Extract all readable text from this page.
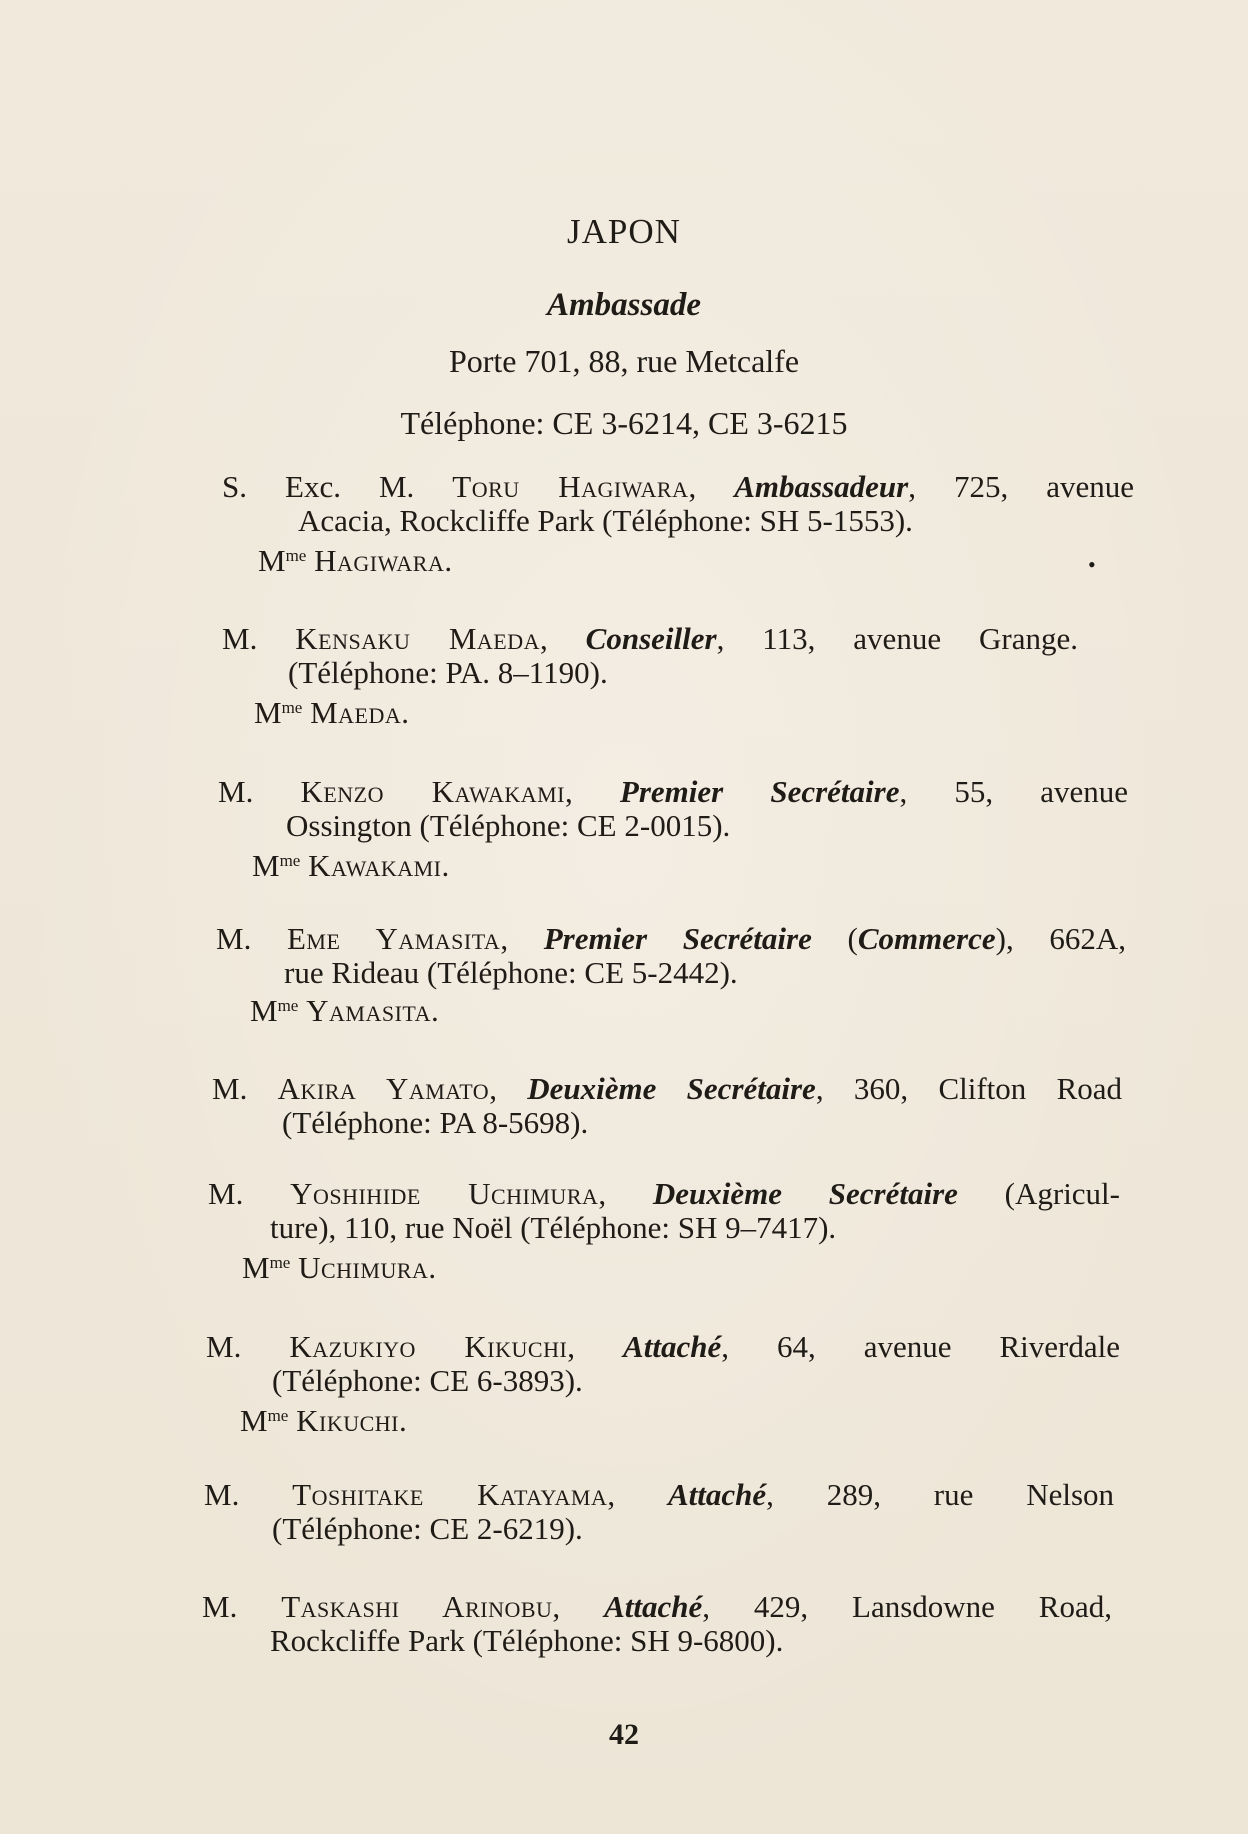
JAPON
Ambassade
Porte 701, 88, rue Metcalfe
Téléphone: CE 3-6214, CE 3-6215
S. Exc. M. Toru Hagiwara, Ambassadeur, 725, avenue
Acacia, Rockcliffe Park (Téléphone: SH 5-1553).
$M^{me}$ Hagiwara.	•
M. Kensaku Maeda, Conseiller, 113, avenue Grange.
(Téléphone: PA. 8–1190).
$M^{me}$ Maeda.
M. Kenzo Kawakami, Premier Secrétaire, 55, avenue
Ossington (Téléphone: CE 2-0015).
$M^{me}$ Kawakami.
M. Eme Yamasita, Premier Secrétaire (Commerce), 662A,
rue Rideau (Téléphone: CE 5-2442).
$M^{me}$ Yamasita.
M. Akira Yamato, Deuxième Secrétaire, 360, Clifton Road
(Téléphone: PA 8-5698).
M. Yoshihide Uchimura, Deuxième Secrétaire (Agricul-
ture), 110, rue Noël (Téléphone: SH 9–7417).
$M^{me}$ Uchimura.
M. Kazukiyo Kikuchi, Attaché, 64, avenue Riverdale
(Téléphone: CE 6-3893).
$M^{me}$ Kikuchi.
M. Toshitake Katayama, Attaché, 289, rue Nelson
(Téléphone: CE 2-6219).
M. Taskashi Arinobu, Attaché, 429, Lansdowne Road,
Rockcliffe Park (Téléphone: SH 9-6800).
42
